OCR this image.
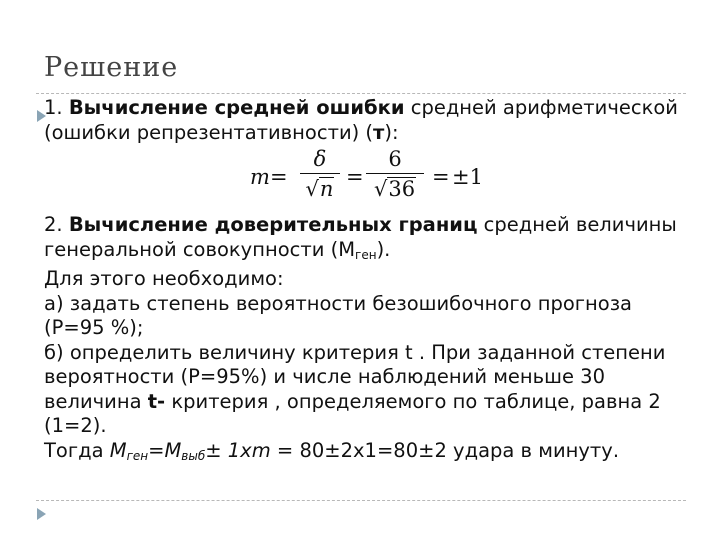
Решение
1. Вычисление средней ошибки средней арифметической
(ошибки репрезентативности) (т):
m =
δ
√n =
6
√36 = ±1
2. Вычисление доверительных границ средней величины
генеральной совокупности $(М_{ген})$.
Для этого необходимо:
а) задать степень вероятности безошибочного прогноза
(Р=95 %);
б) определить величину критерия t . При заданной степени
вероятности (Р=95%) и числе наблюдений меньше 30
величина t- критерия , определяемого по таблице, равна 2
(1=2).
Тогда $М_{ген}=М_{выб}\pm 1хm = 80\pm 2х1=80\pm 2$ удара в минуту.
